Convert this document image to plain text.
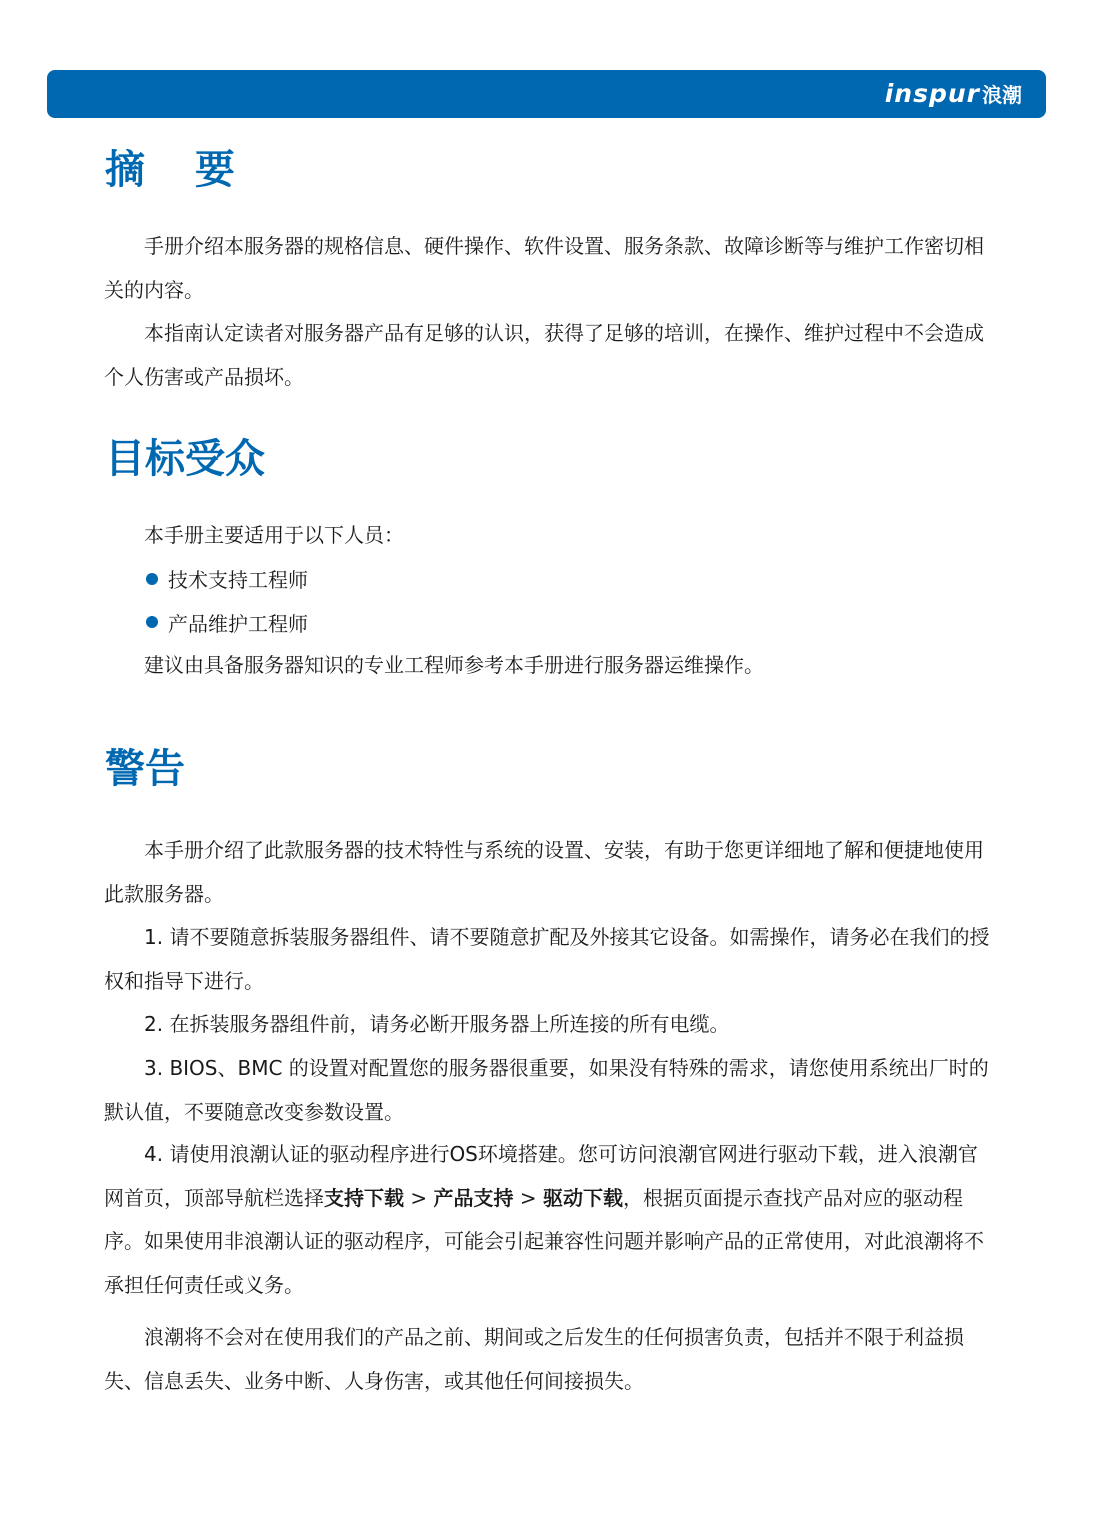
inspur 浪潮
摘 要

手册介绍本服务器的规格信息、硬件操作、软件设置、服务条款、故障诊断等与维护工作密切相关的内容。

本指南认定读者对服务器产品有足够的认识，获得了足够的培训，在操作、维护过程中不会造成个人伤害或产品损坏。

目标受众

本手册主要适用于以下人员：

技术支持工程师
产品维护工程师

建议由具备服务器知识的专业工程师参考本手册进行服务器运维操作。

警告

本手册介绍了此款服务器的技术特性与系统的设置、安装，有助于您更详细地了解和便捷地使用此款服务器。

1. 请不要随意拆装服务器组件、请不要随意扩配及外接其它设备。如需操作，请务必在我们的授权和指导下进行。

2. 在拆装服务器组件前，请务必断开服务器上所连接的所有电缆。

3. BIOS、BMC 的设置对配置您的服务器很重要，如果没有特殊的需求，请您使用系统出厂时的默认值，不要随意改变参数设置。

4. 请使用浪潮认证的驱动程序进行OS环境搭建。您可访问浪潮官网进行驱动下载，进入浪潮官网首页，顶部导航栏选择支持下载 > 产品支持 > 驱动下载，根据页面提示查找产品对应的驱动程序。如果使用非浪潮认证的驱动程序，可能会引起兼容性问题并影响产品的正常使用，对此浪潮将不承担任何责任或义务。

浪潮将不会对在使用我们的产品之前、期间或之后发生的任何损害负责，包括并不限于利益损失、信息丢失、业务中断、人身伤害，或其他任何间接损失。
